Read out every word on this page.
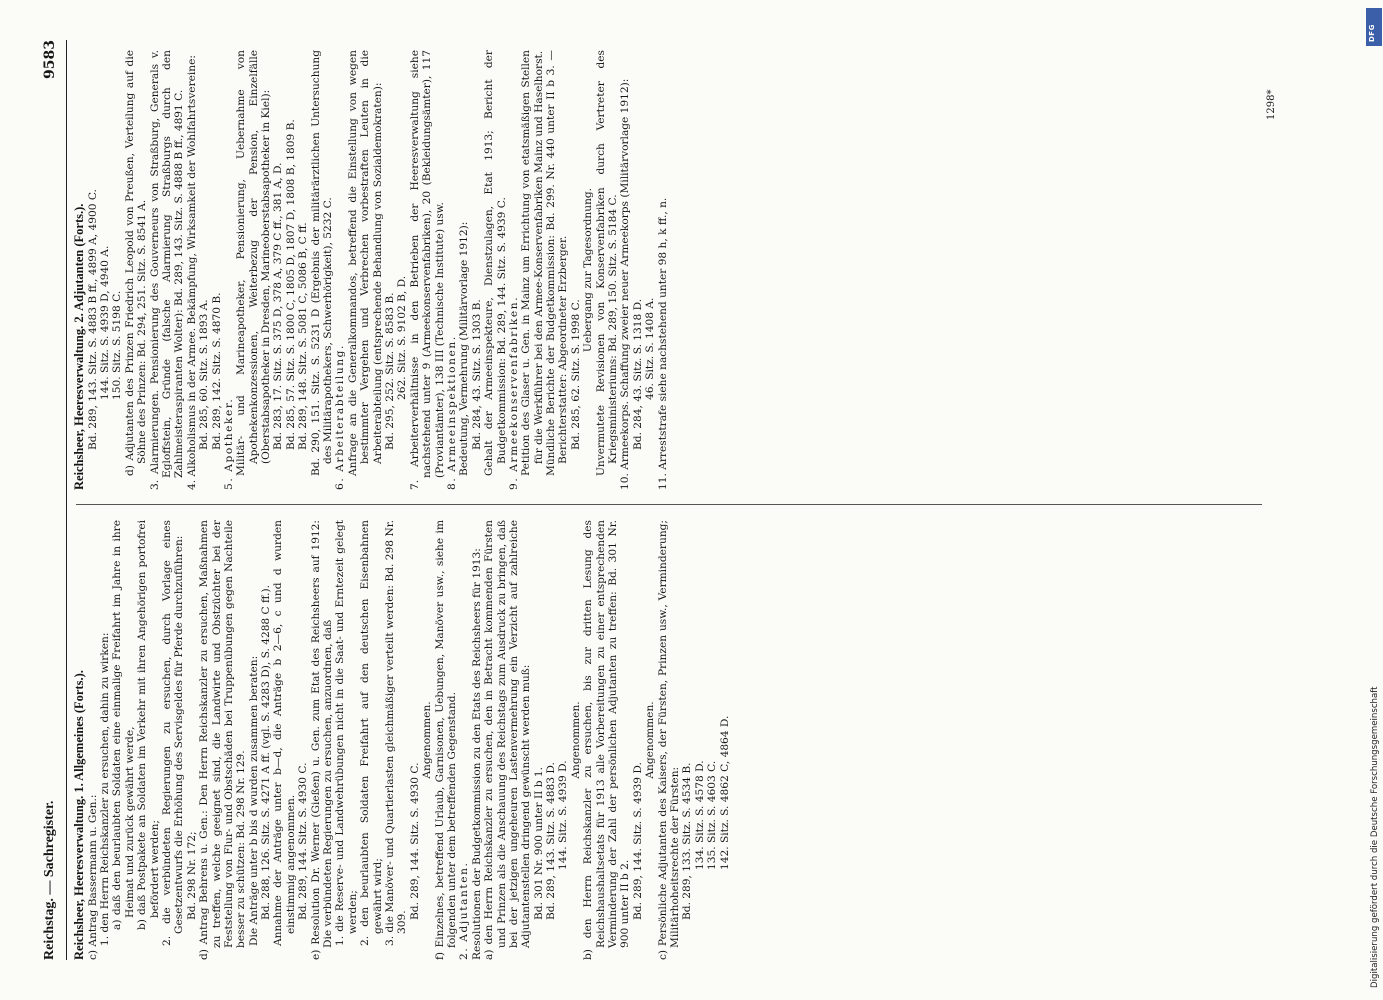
Reichstag. — Sachregister.
9583

Reichsheer, Heeresverwaltung. 1. Allgemeines (Forts.). c) Antrag Bassermann u. Gen.: 1. den Herrn Reichskanzler zu ersuchen, dahin zu wirken: a) daß den beurlaubten Soldaten eine einmalige Freifahrt im Jahre in ihre Heimat und zurück gewährt werde, b) daß Postpakete an Soldaten im Verkehr mit ihren Angehörigen portofrei befördert werden; 2. die verbündeten Regierungen zu ersuchen, durch Vorlage eines Gesetzentwurfs die Erhöhung des Servisgeldes für Pferde durchzuführen: Bd. 298 Nr. 172; d) Antrag Behrens u. Gen.: Den Herrn Reichskanzler zu ersuchen, Maßnahmen zu treffen, welche geeignet sind, die Landwirte und Obstzüchter bei der Feststellung von Flur- und Obstschäden bei Truppenübungen gegen Nachteile besser zu schützen: Bd. 298 Nr. 129. Die Anträge unter b bis d wurden zusammen beraten: Bd. 288, 126. Sitz. S. 4271 A ff. (vgl. S. 4283 D), S. 4288 C ff.). Annahme der Anträge unter b—d, die Anträge b 2—6, c und d wurden einstimmig angenommen. Bd. 289, 144. Sitz. S. 4930 C. e) Resolution Dr. Werner (Gießen) u. Gen. zum Etat des Reichsheers auf 1912: Die verbündeten Regierungen zu ersuchen, anzuordnen, daß 1. die Reserve- und Landwehrübungen nicht in die Saat- und Erntezeit gelegt werden; 2. den beurlaubten Soldaten Freifahrt auf den deutschen Eisenbahnen gewährt wird; 3. die Manöver- und Quartierlasten gleichmäßiger verteilt werden: Bd. 298 Nr. 309.

Bd. 289, 144. Sitz. S. 4930 C.

Angenommen. f) Einzelnes, betreffend Urlaub, Garnisonen, Uebungen, Manöver usw., siehe im folgenden unter dem betreffenden Gegenstand. 2. Adjutanten. Resolutionen der Budgetkommission zu den Etats des Reichsheers für 1913: a) den Herrn Reichskanzler zu ersuchen, den in Betracht kommenden Fürsten und Prinzen als die Anschauung des Reichstags zum Ausdruck zu bringen, daß bei der jetzigen ungeheuren Lastenvermehrung ein Verzicht auf zahlreiche Adjutantenstellen dringend gewünscht werden muß: Bd. 301 Nr. 900 unter II b 1. Bd. 289, 143. Sitz. S. 4883 D. 144. Sitz. S. 4939 D.

Angenommen. b) den Herrn Reichskanzler zu ersuchen, bis zur dritten Lesung des Reichshaushaltsetats für 1913 alle Vorbereitungen zu einer entsprechenden Verminderung der Zahl der persönlichen Adjutanten zu treffen: Bd. 301 Nr. 900 unter II b 2. Bd. 289, 144. Sitz. S. 4939 D.

Angenommen. c) Persönliche Adjutanten des Kaisers, der Fürsten, Prinzen usw., Verminderung; Militärhoheitsrechte der Fürsten: Bd. 289, 133. Sitz. S. 4534 B. 134. Sitz. S. 4578 D. 135. Sitz. S. 4603 C. 142. Sitz. S. 4862 C, 4864 D.

Reichsheer, Heeresverwaltung. 2. Adjutanten (Forts.). Bd. 289, 143. Sitz. S. 4883 B ff., 4899 A, 4900 C. 144. Sitz. S. 4939 D, 4940 A. 150. Sitz. S. 5198 C. d) Adjutanten des Prinzen Friedrich Leopold von Preußen, Verteilung auf die Söhne des Prinzen: Bd. 294, 251. Sitz. S. 8541 A. 3. Alarmierungen. Pensionierung des Gouverneurs von Straßburg, Generals v. Egloffstein, Gründe (falsche Alarmierung Straßburgs durch den Zahlmeisteraspiranten Wolter): Bd. 289, 143. Sitz. S. 4888 B ff., 4891 C. 4. Alkoholismus in der Armee. Bekämpfung, Wirksamkeit der Wohlfahrtsvereine: Bd. 285, 60. Sitz. S. 1893 A. Bd. 289, 142. Sitz. S. 4870 B. 5. Apotheker. Militär- und Marineapotheker, Pensionierung, Uebernahme von Apothekenkonzessionen, Weiterbezug der Pension, Einzelfälle (Oberstabsapotheker in Dresden, Marineoberstabsapotheker in Kiel): Bd. 283, 17. Sitz. S. 375 D, 378 A, 379 C ff., 381 A, D. Bd. 285, 57. Sitz. S. 1800 C, 1805 D, 1807 D, 1808 B, 1809 B. Bd. 289, 148. Sitz. S. 5081 C, 5086 B, C ff. Bd. 290, 151. Sitz. S. 5231 D (Ergebnis der militärärztlichen Untersuchung des Militärapothekers, Schwerhörigkeit), 5232 C. 6. Arbeiterabteilung. Anfrage an die Generalkommandos, betreffend die Einstellung von wegen bestimmter Vergehen und Verbrechen vorbestraften Leuten in die Arbeiterabteilung (entsprechende Behandlung von Sozialdemokraten): Bd. 295, 252. Sitz. S. 8583 B. 262. Sitz. S. 9102 B, D. 7. Arbeiterverhältnisse in den Betrieben der Heeresverwaltung siehe nachstehend unter 9 (Armeekonservenfabriken), 20 (Bekleidungsämter), 117 (Proviantämter), 138 III (Technische Institute) usw. 8. Armeeinspektionen. Bedeutung, Vermehrung (Militärvorlage 1912): Bd. 284, 43. Sitz. S. 1303 B. Gehalt der Armeeinspekteure, Dienstzulagen, Etat 1913; Bericht der Budgetkommission: Bd. 289, 144. Sitz. S. 4939 C. 9. Armeekonservenfabriken. Petition des Glaser u. Gen. in Mainz um Errichtung von etatsmäßigen Stellen für die Werkführer bei den Armee-Konservenfabriken Mainz und Haselhorst. Mündliche Berichte der Budgetkommission: Bd. 299. Nr. 440 unter II b 3. — Berichterstatter: Abgeordneter Erzberger. Bd. 285, 62. Sitz. S. 1998 C.

Uebergang zur Tagesordnung. Unvermutete Revisionen von Konservenfabriken durch Vertreter des Kriegsministeriums: Bd. 289, 150. Sitz. S. 5184 C. 10. Armeekorps. Schaffung zweier neuer Armeekorps (Militärvorlage 1912): Bd. 284, 43. Sitz. S. 1318 D. 46. Sitz. S. 1408 A. 11. Arreststrafe siehe nachstehend unter 98 h, k ff., n.

1298*
Digitalisierung gefördert durch die Deutsche Forschungsgemeinschaft
DFG
